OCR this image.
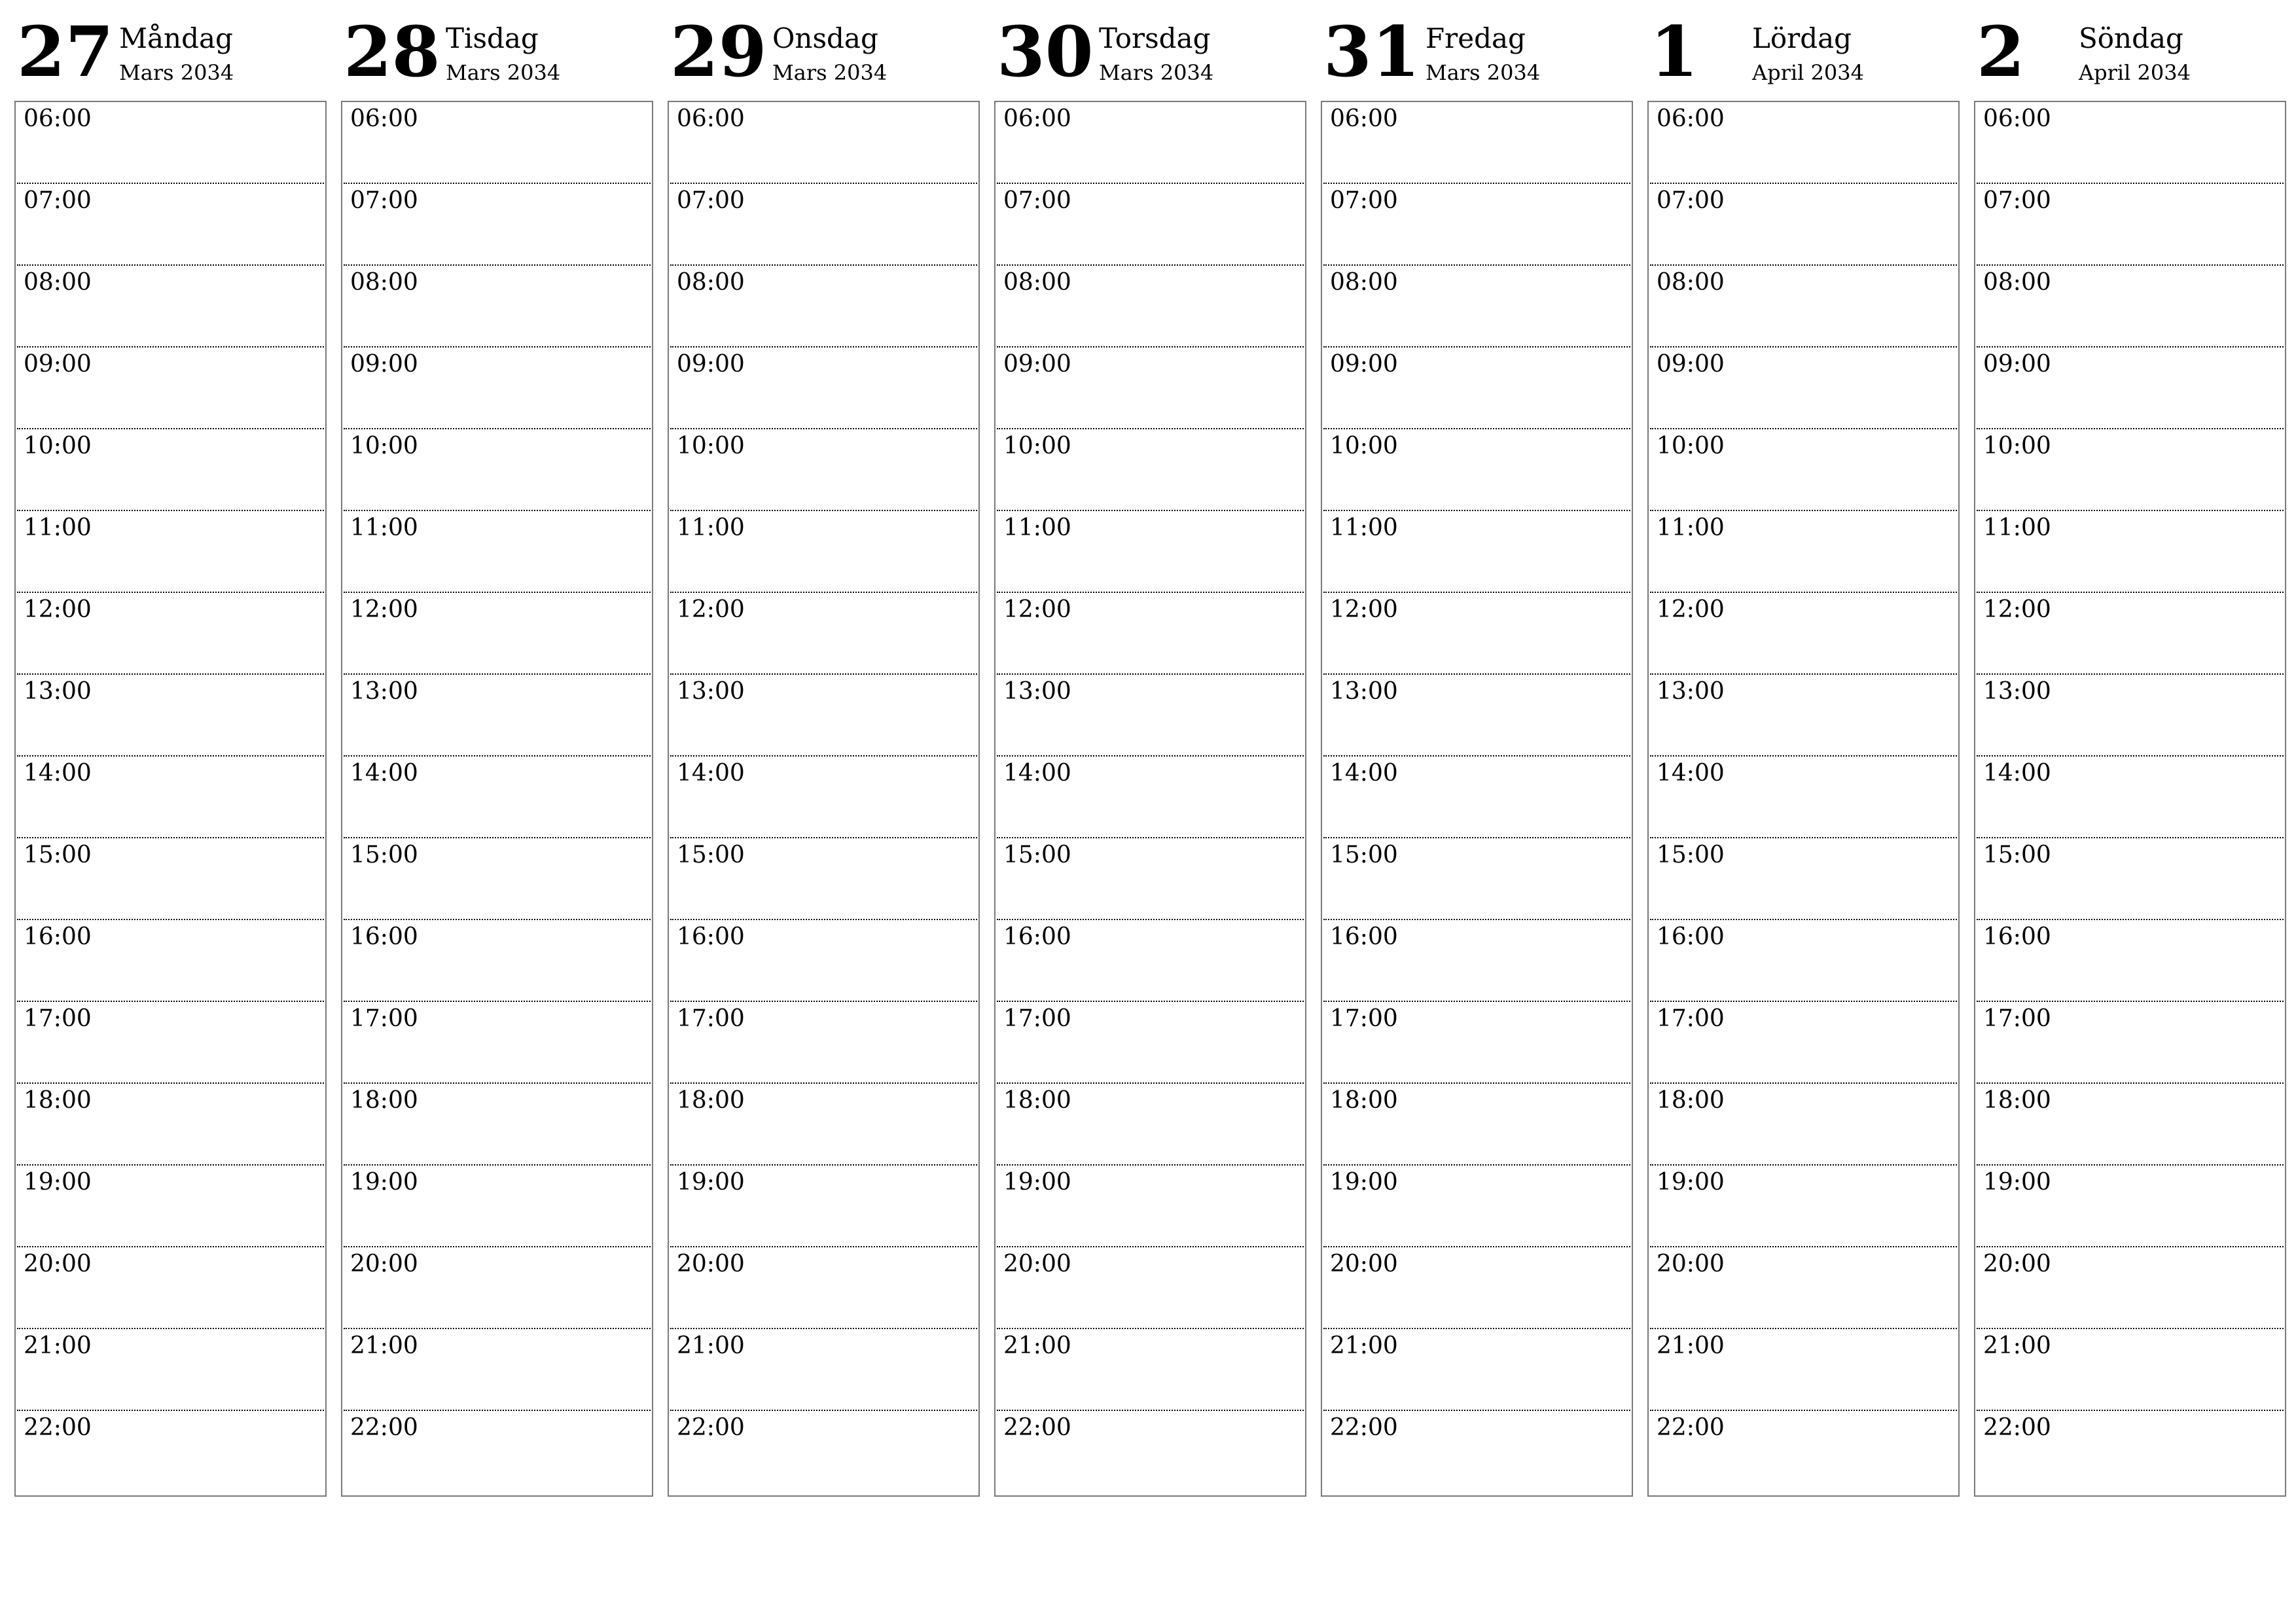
27 Måndag
Mars 2034
06:00
07:00
08:00
09:00
10:00
11:00
12:00
13:00
14:00
15:00
16:00
17:00
18:00
19:00
20:00
21:00
22:00
28 Tisdag
Mars 2034
06:00
07:00
08:00
09:00
10:00
11:00
12:00
13:00
14:00
15:00
16:00
17:00
18:00
19:00
20:00
21:00
22:00
29 Onsdag
Mars 2034
06:00
07:00
08:00
09:00
10:00
11:00
12:00
13:00
14:00
15:00
16:00
17:00
18:00
19:00
20:00
21:00
22:00
30 Torsdag
Mars 2034
06:00
07:00
08:00
09:00
10:00
11:00
12:00
13:00
14:00
15:00
16:00
17:00
18:00
19:00
20:00
21:00
22:00
31 Fredag
Mars 2034
06:00
07:00
08:00
09:00
10:00
11:00
12:00
13:00
14:00
15:00
16:00
17:00
18:00
19:00
20:00
21:00
22:00
1 Lördag
April 2034
06:00
07:00
08:00
09:00
10:00
11:00
12:00
13:00
14:00
15:00
16:00
17:00
18:00
19:00
20:00
21:00
22:00
2 Söndag
April 2034
06:00
07:00
08:00
09:00
10:00
11:00
12:00
13:00
14:00
15:00
16:00
17:00
18:00
19:00
20:00
21:00
22:00
